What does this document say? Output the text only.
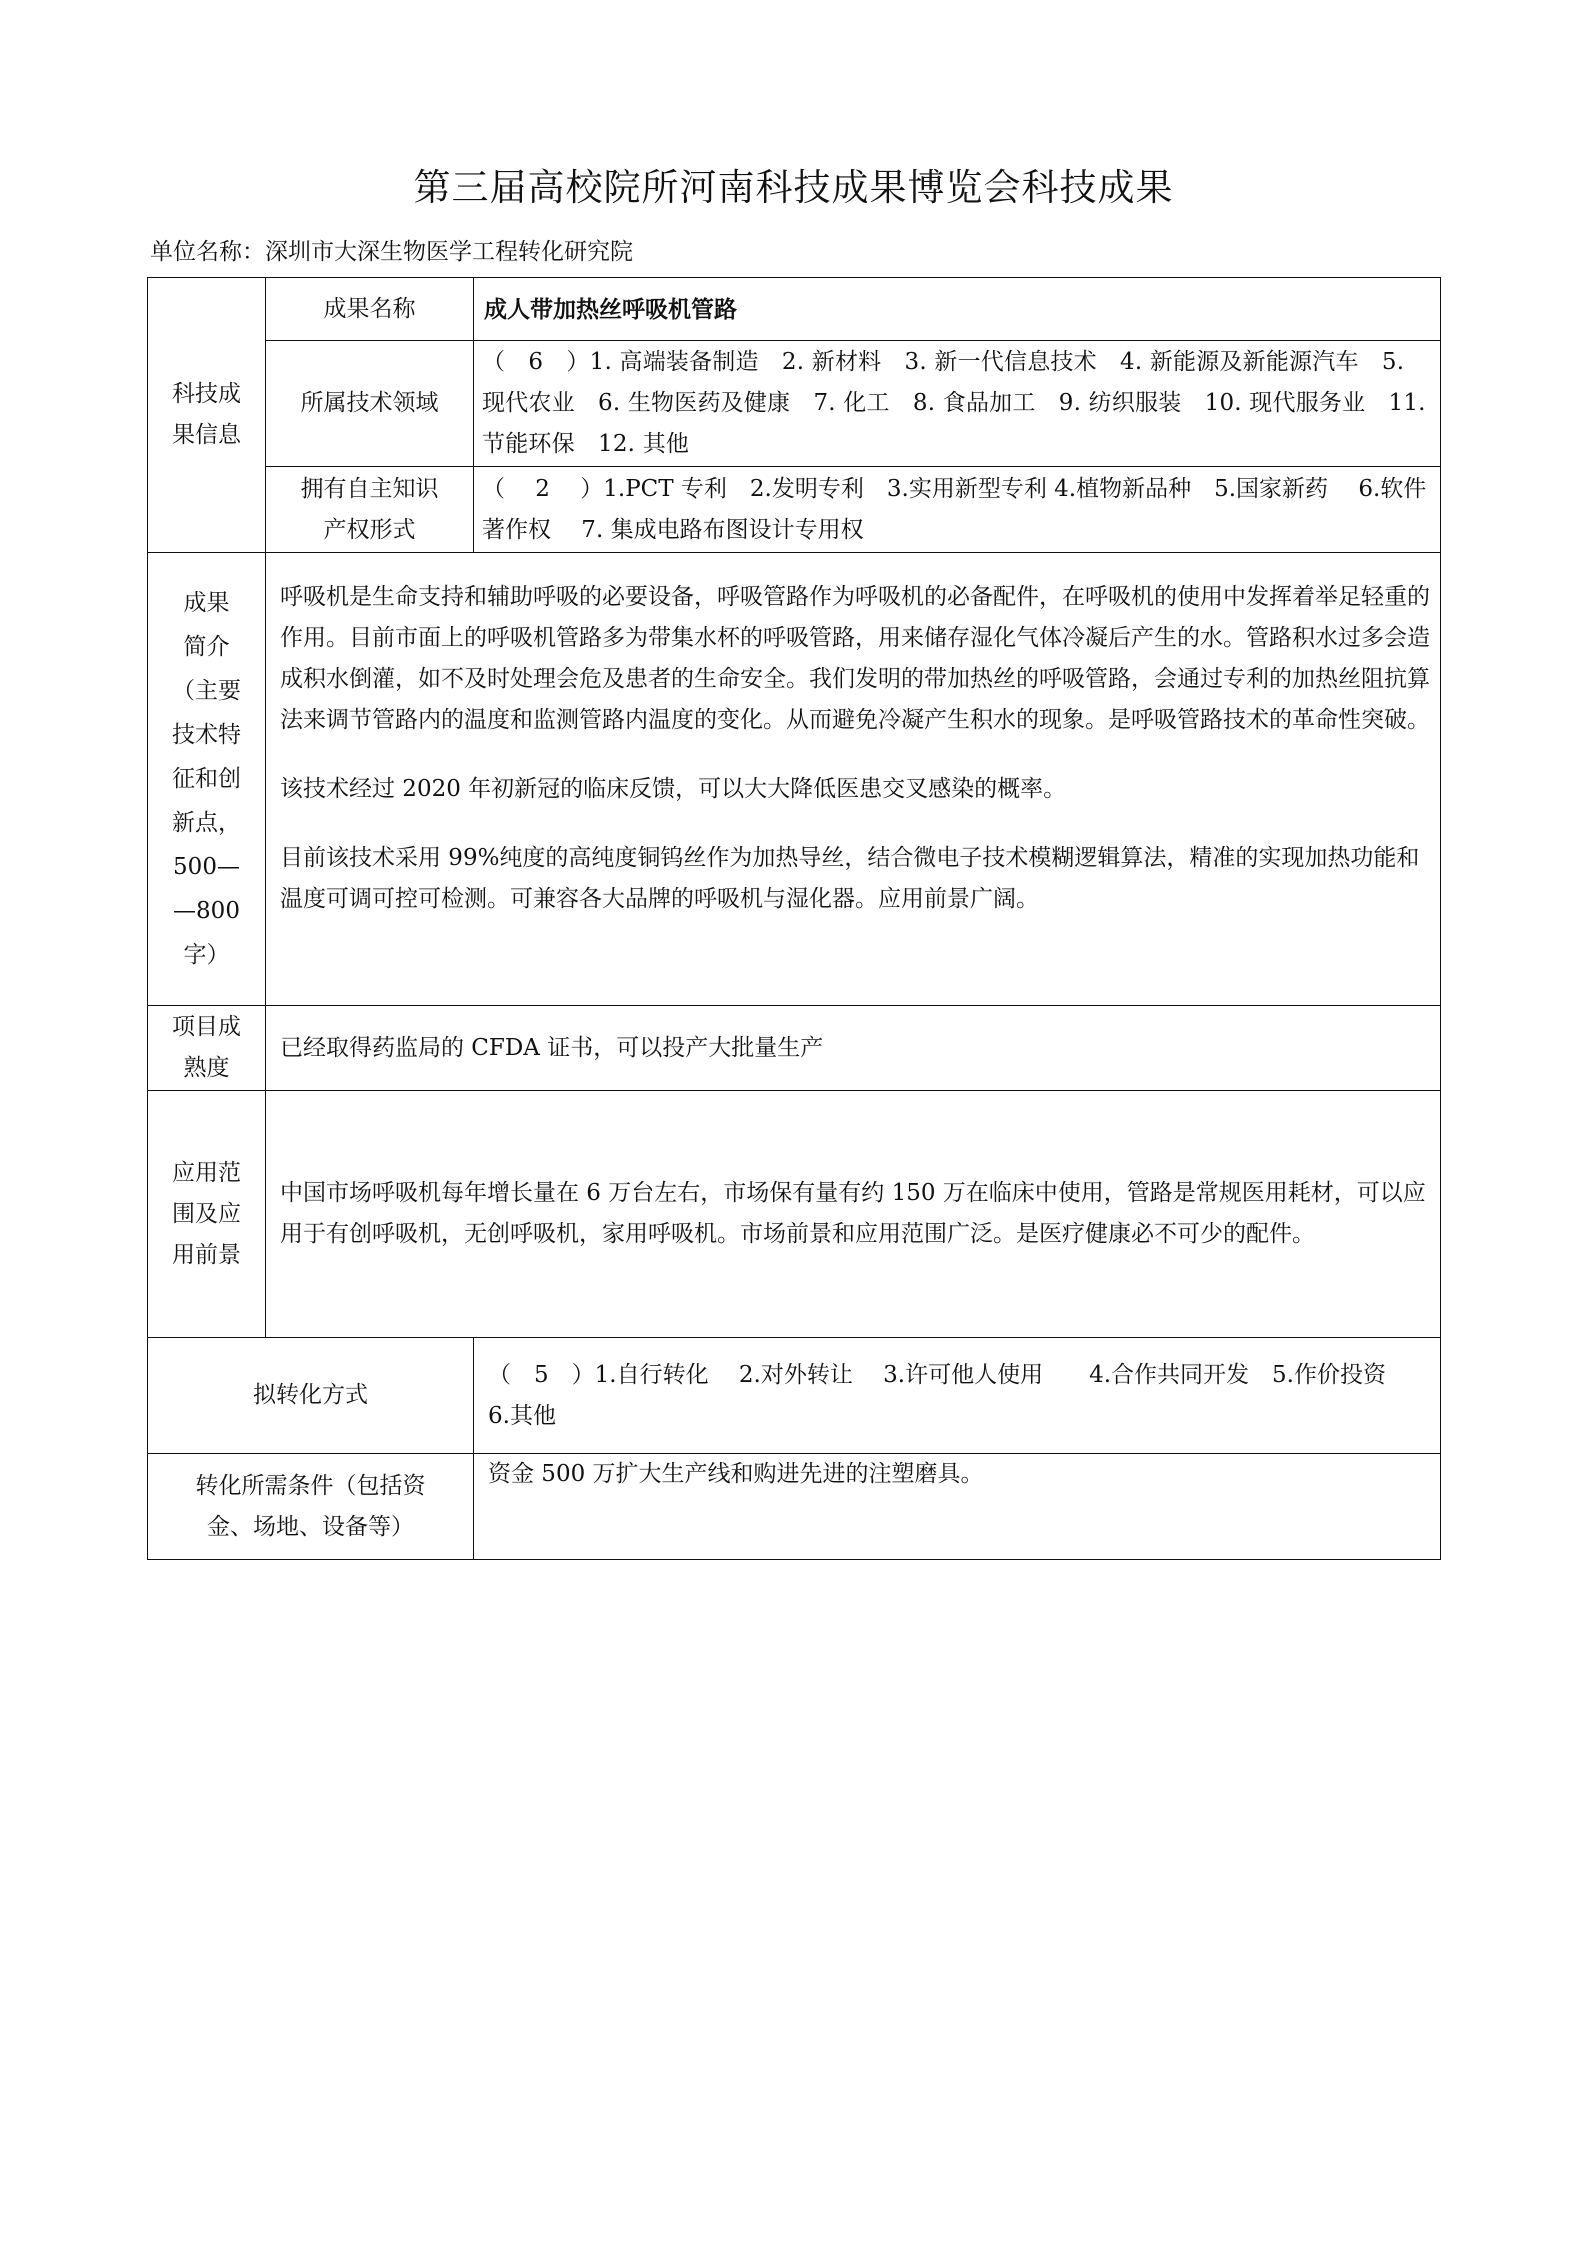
第三届高校院所河南科技成果博览会科技成果
单位名称：深圳市大深生物医学工程转化研究院
科技成
果信息
成果名称	成人带加热丝呼吸机管路
所属技术领域

（　6　）1. 高端装备制造　2. 新材料　3. 新一代信息技术　4. 新能源及新能源汽车　5. 现代农业　6. 生物医药及健康　7. 化工　8. 食品加工　9. 纺织服装　10. 现代服务业　11. 节能环保　12. 其他

拥有自主知识
产权形式

（　 2 　）1.PCT 专利　2.发明专利　3.实用新型专利 4.植物新品种　5.国家新药　 6.软件著作权　 7. 集成电路布图设计专用权

成果
简介
（主要
技术特
征和创
新点，
500—
—800
字）

呼吸机是生命支持和辅助呼吸的必要设备，呼吸管路作为呼吸机的必备配件，在呼吸机的使用中发挥着举足轻重的作用。目前市面上的呼吸机管路多为带集水杯的呼吸管路，用来储存湿化气体冷凝后产生的水。管路积水过多会造成积水倒灌，如不及时处理会危及患者的生命安全。我们发明的带加热丝的呼吸管路，会通过专利的加热丝阻抗算法来调节管路内的温度和监测管路内温度的变化。从而避免冷凝产生积水的现象。是呼吸管路技术的革命性突破。

该技术经过 2020 年初新冠的临床反馈，可以大大降低医患交叉感染的概率。

目前该技术采用 99%纯度的高纯度铜钨丝作为加热导丝，结合微电子技术模糊逻辑算法，精准的实现加热功能和温度可调可控可检测。可兼容各大品牌的呼吸机与湿化器。应用前景广阔。

项目成
熟度
已经取得药监局的 CFDA 证书，可以投产大批量生产
应用范
围及应
用前景

中国市场呼吸机每年增长量在 6 万台左右，市场保有量有约 150 万在临床中使用，管路是常规医用耗材，可以应用于有创呼吸机，无创呼吸机，家用呼吸机。市场前景和应用范围广泛。是医疗健康必不可少的配件。

拟转化方式

（　5　）1.自行转化　 2.对外转让　 3.许可他人使用　　4.合作共同开发　5.作价投资　 6.其他

转化所需条件（包括资
金、场地、设备等）
资金 500 万扩大生产线和购进先进的注塑磨具。
